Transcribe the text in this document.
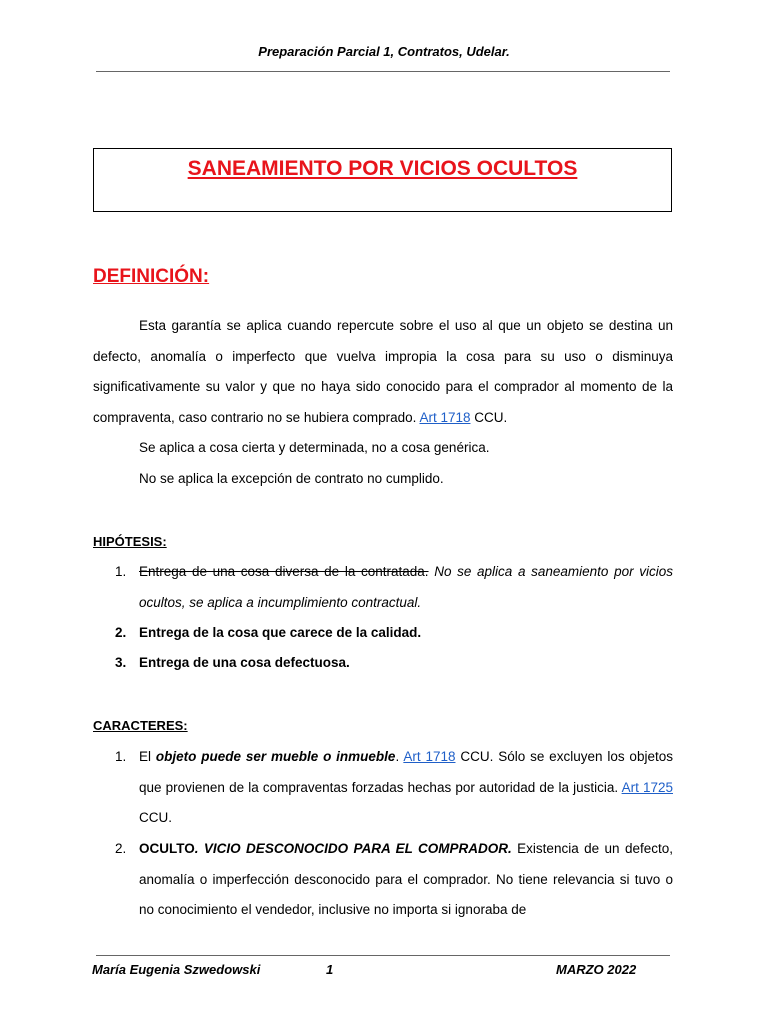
Preparación Parcial 1, Contratos, Udelar.
SANEAMIENTO POR VICIOS OCULTOS
DEFINICIÓN:
Esta garantía se aplica cuando repercute sobre el uso al que un objeto se destina un defecto, anomalía o imperfecto que vuelva impropia la cosa para su uso o disminuya significativamente su valor y que no haya sido conocido para el comprador al momento de la compraventa, caso contrario no se hubiera comprado. Art 1718 CCU.
Se aplica a cosa cierta y determinada, no a cosa genérica.
No se aplica la excepción de contrato no cumplido.
HIPÓTESIS:
1. Entrega de una cosa diversa de la contratada. No se aplica a saneamiento por vicios ocultos, se aplica a incumplimiento contractual.
2. Entrega de la cosa que carece de la calidad.
3. Entrega de una cosa defectuosa.
CARACTERES:
1. El objeto puede ser mueble o inmueble. Art 1718 CCU. Sólo se excluyen los objetos que provienen de la compraventas forzadas hechas por autoridad de la justicia. Art 1725 CCU.
2. OCULTO. VICIO DESCONOCIDO PARA EL COMPRADOR. Existencia de un defecto, anomalía o imperfección desconocido para el comprador. No tiene relevancia si tuvo o no conocimiento el vendedor, inclusive no importa si ignoraba de
María Eugenia Szwedowski	1	MARZO 2022
